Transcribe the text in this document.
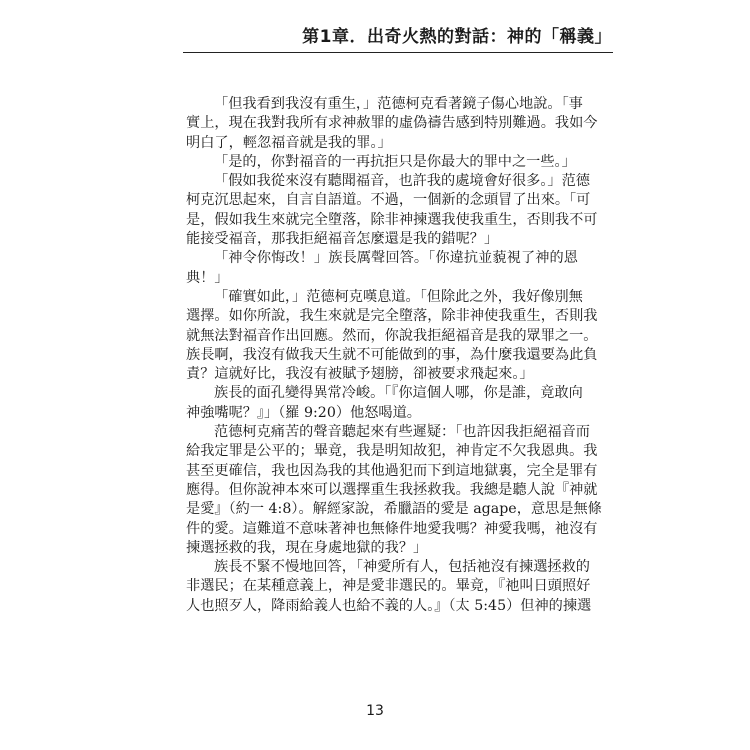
第1章．出奇火熱的對話：神的「稱義」
「但我看到我沒有重生，」范德柯克看著鏡子傷心地說。「事
實上，現在我對我所有求神赦罪的虛偽禱告感到特別難過。我如今
明白了，輕忽福音就是我的罪。」
「是的，你對福音的一再抗拒只是你最大的罪中之一些。」
「假如我從來沒有聽聞福音，也許我的處境會好很多。」范德
柯克沉思起來，自言自語道。不過，一個新的念頭冒了出來。「可
是，假如我生來就完全墮落，除非神揀選我使我重生，否則我不可
能接受福音，那我拒絕福音怎麼還是我的錯呢？」
「神令你悔改！」族長厲聲回答。「你違抗並藐視了神的恩
典！」
「確實如此，」范德柯克嘆息道。「但除此之外，我好像別無
選擇。如你所說，我生來就是完全墮落，除非神使我重生，否則我
就無法對福音作出回應。然而，你說我拒絕福音是我的眾罪之一。
族長啊，我沒有做我天生就不可能做到的事，為什麼我還要為此負
責？這就好比，我沒有被賦予翅膀，卻被要求飛起來。」
族長的面孔變得異常冷峻。「『你這個人哪，你是誰，竟敢向
神強嘴呢？』」（羅 9:20）他怒喝道。
范德柯克痛苦的聲音聽起來有些遲疑：「也許因我拒絕福音而
給我定罪是公平的；畢竟，我是明知故犯，神肯定不欠我恩典。我
甚至更確信，我也因為我的其他過犯而下到這地獄裏，完全是罪有
應得。但你說神本來可以選擇重生我拯救我。我總是聽人說『神就
是愛』（約一 4:8）。解經家說，希臘語的愛是 agape，意思是無條
件的愛。這難道不意味著神也無條件地愛我嗎？神愛我嗎，祂沒有
揀選拯救的我，現在身處地獄的我？」
族長不緊不慢地回答，「神愛所有人，包括祂沒有揀選拯救的
非選民；在某種意義上，神是愛非選民的。畢竟，『祂叫日頭照好
人也照歹人，降雨給義人也給不義的人。』（太 5:45）但神的揀選
13
